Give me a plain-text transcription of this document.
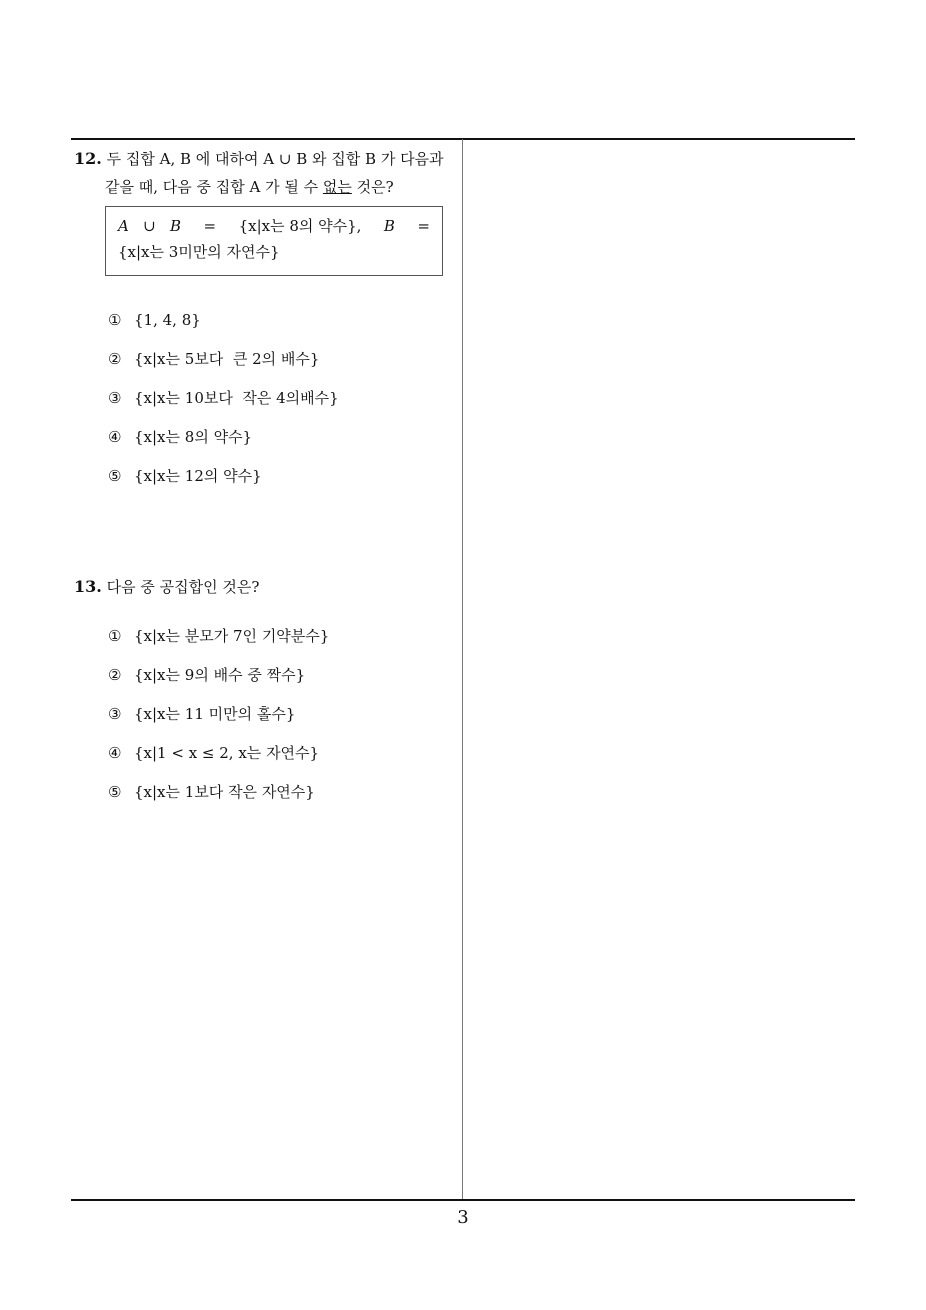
12. 두 집합 A, B 에 대하여 A ∪ B 와 집합 B 가 다음과
같을 때, 다음 중 집합 A 가 될 수 없는 것은?
A   ∪   B = {x|x는 8의 약수}, B =
{x|x는 3미만의 자연수}
① {1, 4, 8}
② {x|x는 5보다  큰 2의 배수}
③ {x|x는 10보다  작은 4의배수}
④ {x|x는 8의 약수}
⑤ {x|x는 12의 약수}
13. 다음 중 공집합인 것은?
① {x|x는 분모가 7인 기약분수}
② {x|x는 9의 배수 중 짝수}
③ {x|x는 11 미만의 홀수}
④ {x|1 < x ≤ 2, x는 자연수}
⑤ {x|x는 1보다 작은 자연수}
3
